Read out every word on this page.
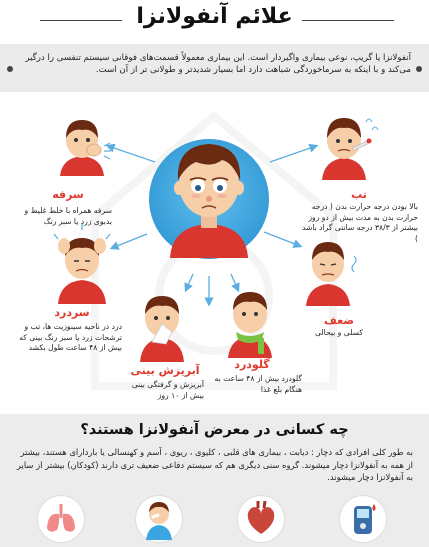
علائم آنفولانزا

آنفولانزا یا گریپ، نوعی بیماری واگیردار است. این بیماری معمولاً قسمت‌های فوقانی سیستم تنفسی را درگیر می‌کند و با اینکه به سرماخوردگی شباهت دارد اما بسیار شدیدتر و طولانی تر از آن است.

سرفه

سرفه همراه با خلط غلیظ و بدبوی زرد یا سبز رنگ

تب

بالا بودن درجه حرارت بدن ( درجه حرارت بدن به مدت بیش از دو روز بیشتر از ۳۸/۳ درجه سانتی گراد باشد )

سردرد

درد در ناحیه سینوزیت ها، تب و ترشحات زرد یا سبز رنگ بینی که بیش از ۴۸ ساعت طول بکشد

ضعف

کسلی و بیحالی

آبریزش بینی

آبریزش و گرفتگی بینی بیش از ۱۰ روز

گلودرد

گلودرد بیش از ۴۸ ساعت به هنگام بلع غذا

چه کسانی در معرض آنفولانزا هستند؟

به طور کلی افرادی که دچار : دیابت ، بیماری های قلبی ، کلیوی ، ریوی ، آسم و کهنسالی یا باردارای هستند، بیشتر از همه به آنفولانزا دچار میشوند. گروه سنی دیگری هم که سیستم دفاعی ضعیف تری دارند (کودکان) بیشتر از سایر به آنفولانزا دچار میشوند.
